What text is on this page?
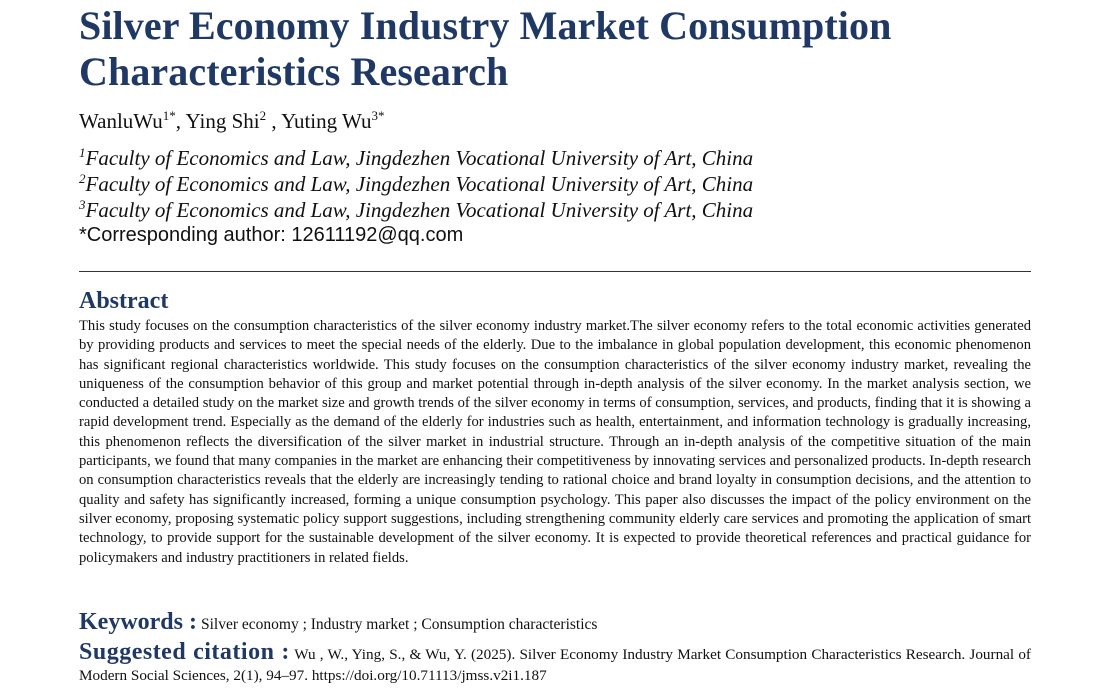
Silver Economy Industry Market Consumption
Characteristics Research
WanluWu$^{1*}$, Ying Shi$^2$ , Yuting $Wu^{3*}$
$^1$Faculty of Economics and Law, Jingdezhen Vocational University of Art, China
$^2$Faculty of Economics and Law, Jingdezhen Vocational University of Art, China
$^3$Faculty of Economics and Law, Jingdezhen Vocational University of Art, China
*Corresponding author: 12611192@qq.com
Abstract

This study focuses on the consumption characteristics of the silver economy industry market.The silver economy refers to the total economic activities generated by providing products and services to meet the special needs of the elderly. Due to the imbalance in global population development, this economic phenomenon has significant regional characteristics worldwide. This study focuses on the consumption characteristics of the silver economy industry market, revealing the uniqueness of the consumption behavior of this group and market potential through in-depth analysis of the silver economy. In the market analysis section, we conducted a detailed study on the market size and growth trends of the silver economy in terms of consumption, services, and products, finding that it is showing a rapid development trend. Especially as the demand of the elderly for industries such as health, entertainment, and information technology is gradually increasing, this phenomenon reflects the diversification of the silver market in industrial structure. Through an in-depth analysis of the competitive situation of the main participants, we found that many companies in the market are enhancing their competitiveness by innovating services and personalized products. In-depth research on consumption characteristics reveals that the elderly are increasingly tending to rational choice and brand loyalty in consumption decisions, and the attention to quality and safety has significantly increased, forming a unique consumption psychology. This paper also discusses the impact of the policy environment on the silver economy, proposing systematic policy support suggestions, including strengthening community elderly care services and promoting the application of smart technology, to provide support for the sustainable development of the silver economy. It is expected to provide theoretical references and practical guidance for policymakers and industry practitioners in related fields.

Keywords : Silver economy ; Industry market ; Consumption characteristics

Suggested citation : Wu , W., Ying, S., & Wu, Y. (2025). Silver Economy Industry Market Consumption Characteristics Research. Journal of Modern Social Sciences, 2(1), 94–97. https://doi.org/10.71113/jmss.v2i1.187
